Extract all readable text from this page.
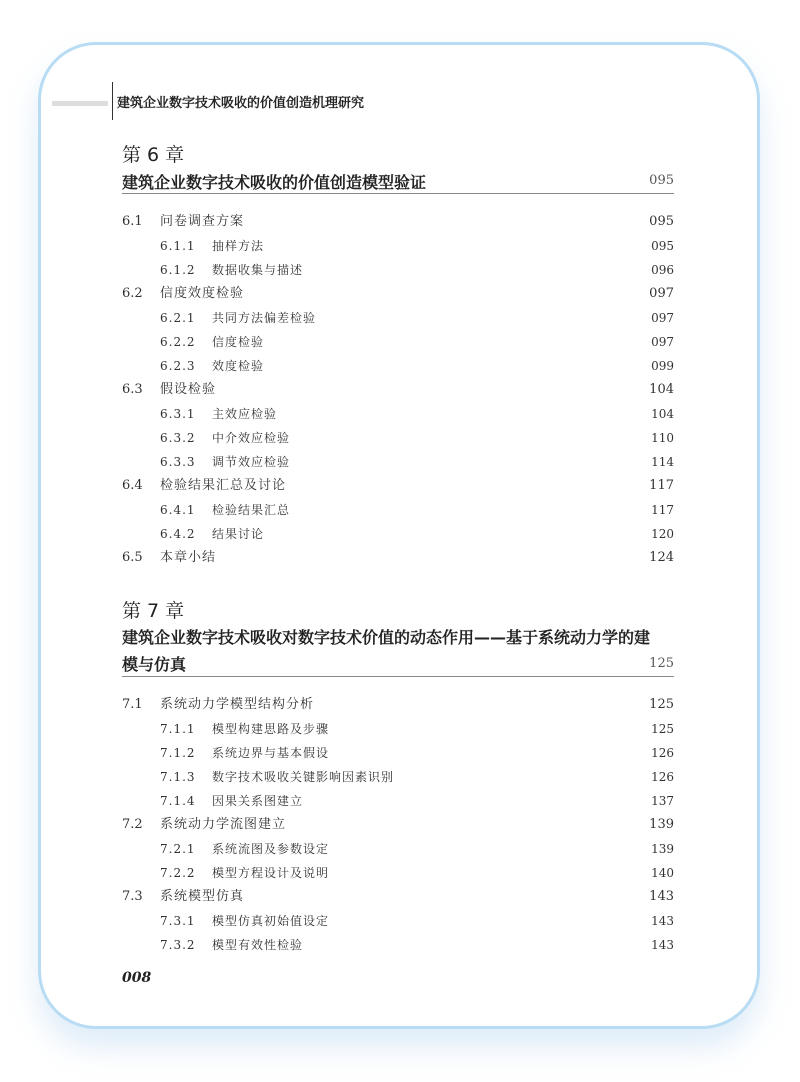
建筑企业数字技术吸收的价值创造机理研究
第 6 章
建筑企业数字技术吸收的价值创造模型验证	095
6.1	问卷调查方案	095
6.1.1	抽样方法	095
6.1.2	数据收集与描述	096
6.2	信度效度检验	097
6.2.1	共同方法偏差检验	097
6.2.2	信度检验	097
6.2.3	效度检验	099
6.3	假设检验	104
6.3.1	主效应检验	104
6.3.2	中介效应检验	110
6.3.3	调节效应检验	114
6.4	检验结果汇总及讨论	117
6.4.1	检验结果汇总	117
6.4.2	结果讨论	120
6.5	本章小结	124
第 7 章
建筑企业数字技术吸收对数字技术价值的动态作用——基于系统动力学的建
模与仿真	125
7.1	系统动力学模型结构分析	125
7.1.1	模型构建思路及步骤	125
7.1.2	系统边界与基本假设	126
7.1.3	数字技术吸收关键影响因素识别	126
7.1.4	因果关系图建立	137
7.2	系统动力学流图建立	139
7.2.1	系统流图及参数设定	139
7.2.2	模型方程设计及说明	140
7.3	系统模型仿真	143
7.3.1	模型仿真初始值设定	143
7.3.2	模型有效性检验	143
008
